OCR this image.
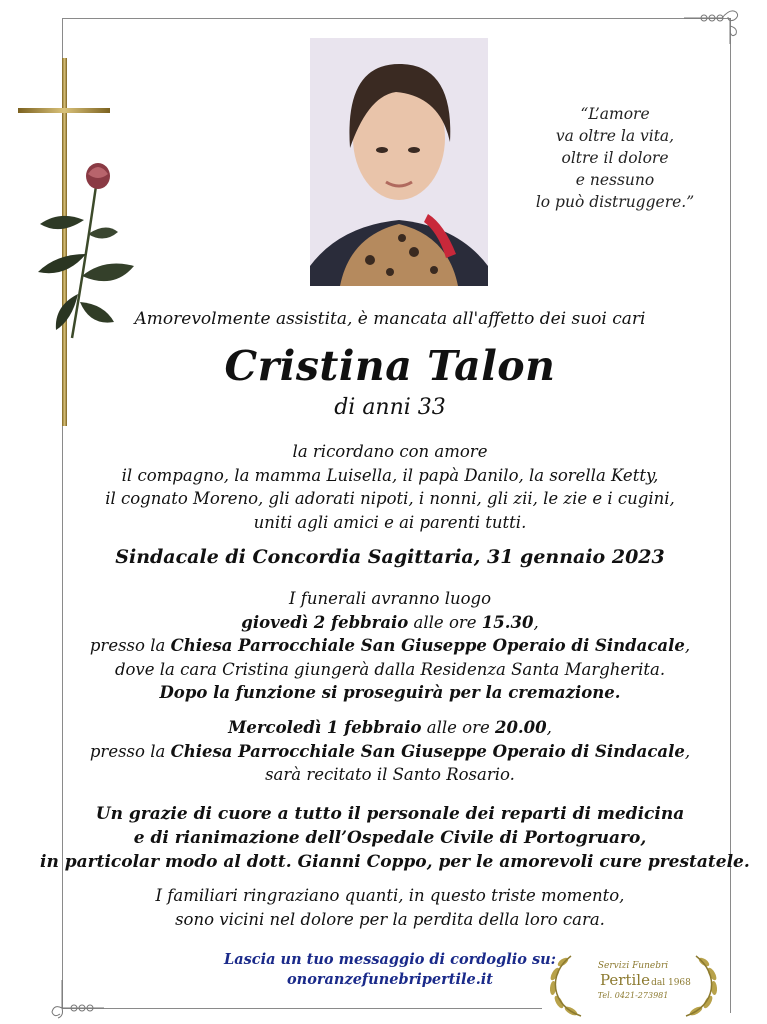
“L’amore
va oltre la vita,
oltre il dolore
e nessuno
lo può distruggere.”
Amorevolmente assistita, è mancata all'affetto dei suoi cari
Cristina Talon
di anni 33
la ricordano con amore
il compagno, la mamma Luisella, il papà Danilo, la sorella Ketty,
il cognato Moreno, gli adorati nipoti, i nonni, gli zii, le zie e i cugini,
uniti agli amici e ai parenti tutti.
Sindacale di Concordia Sagittaria, 31 gennaio 2023
I funerali avranno luogo
giovedì 2 febbraio alle ore 15.30,
presso la Chiesa Parrocchiale San Giuseppe Operaio di Sindacale,
dove la cara Cristina giungerà dalla Residenza Santa Margherita.
Dopo la funzione si proseguirà per la cremazione.
Mercoledì 1 febbraio alle ore 20.00,
presso la Chiesa Parrocchiale San Giuseppe Operaio di Sindacale,
sarà recitato il Santo Rosario.
Un grazie di cuore a tutto il personale dei reparti di medicina
e di rianimazione dell’Ospedale Civile di Portogruaro,
in particolar modo al dott. Gianni Coppo, per le amorevoli cure prestatele.
I familiari ringraziano quanti, in questo triste momento,
sono vicini nel dolore per la perdita della loro cara.
Lascia un tuo messaggio di cordoglio su:
onoranzefunebripertile.it
Servizi Funebri
Pertile dal 1968
Tel. 0421-273981
